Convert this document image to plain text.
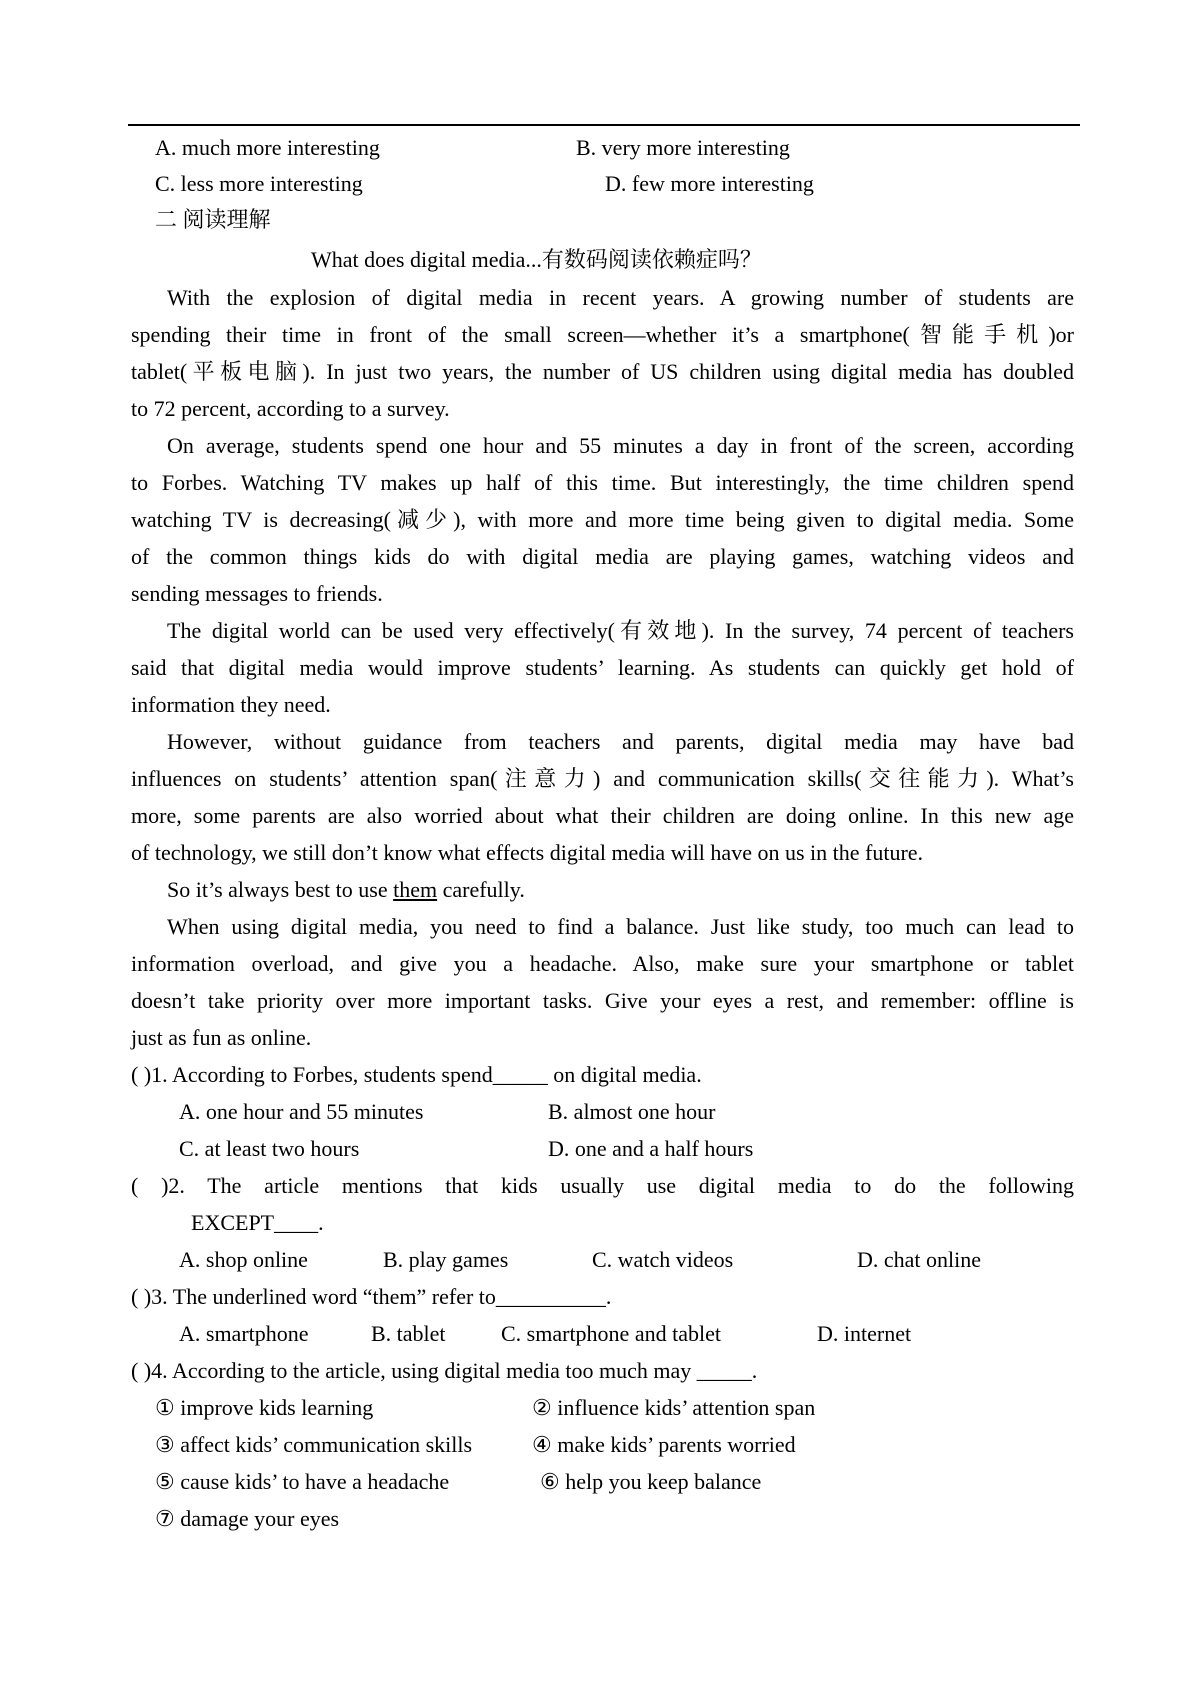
A. much more interesting	B. very more interesting
C. less more interesting	D. few more interesting
二 阅读理解
What does digital media...有数码阅读依赖症吗？
With the explosion of digital media in recent years. A growing number of students are
spending their time in front of the small screen—whether it’s a smartphone(智能手机)or
tablet(平板电脑). In just two years, the number of US children using digital media has doubled
to 72 percent, according to a survey.
On average, students spend one hour and 55 minutes a day in front of the screen, according
to Forbes. Watching TV makes up half of this time. But interestingly, the time children spend
watching TV is decreasing(减少), with more and more time being given to digital media. Some
of the common things kids do with digital media are playing games, watching videos and
sending messages to friends.
The digital world can be used very effectively(有效地). In the survey, 74 percent of teachers
said that digital media would improve students’ learning. As students can quickly get hold of
information they need.
However, without guidance from teachers and parents, digital media may have bad
influences on students’ attention span(注意力) and communication skills(交往能力). What’s
more, some parents are also worried about what their children are doing online. In this new age
of technology, we still don’t know what effects digital media will have on us in the future.
So it’s always best to use them carefully.
When using digital media, you need to find a balance. Just like study, too much can lead to
information overload, and give you a headache. Also, make sure your smartphone or tablet
doesn’t take priority over more important tasks. Give your eyes a rest, and remember: offline is
just as fun as online.
( )1. According to Forbes, students spend_____ on digital media.
A. one hour and 55 minutes	B. almost one hour
C. at least two hours	D. one and a half hours
( )2. The article mentions that kids usually use digital media to do the following
EXCEPT____.
A. shop online	B. play games	C. watch videos	D. chat online
( )3. The underlined word “them” refer to__________.
A. smartphone	B. tablet	C. smartphone and tablet	D. internet
( )4. According to the article, using digital media too much may _____.
① improve kids learning	② influence kids’ attention span
③ affect kids’ communication skills	④ make kids’ parents worried
⑤ cause kids’ to have a headache	⑥ help you keep balance
⑦ damage your eyes
